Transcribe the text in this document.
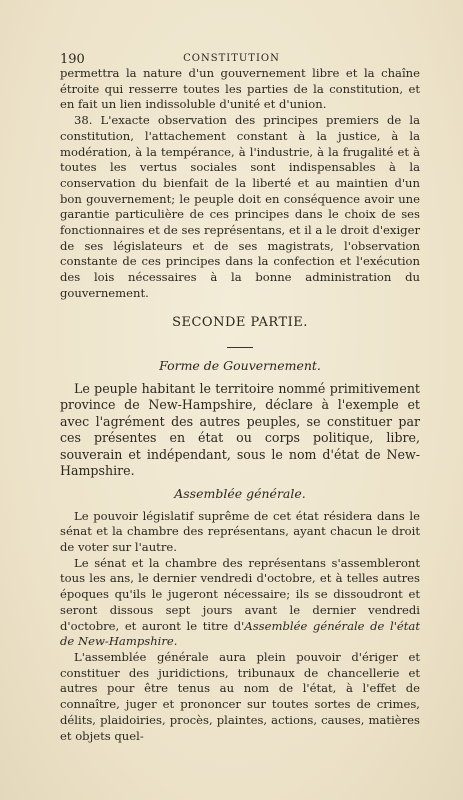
190	CONSTITUTION

permettra la nature d'un gouvernement libre et la chaîne étroite qui resserre toutes les parties de la constitution, et en fait un lien indissoluble d'unité et d'union.

38. L'exacte observation des principes premiers de la constitution, l'attachement constant à la justice, à la modération, à la tempérance, à l'industrie, à la frugalité et à toutes les vertus sociales sont indispensables à la conservation du bienfait de la liberté et au maintien d'un bon gouvernement; le peuple doit en conséquence avoir une garantie particulière de ces principes dans le choix de ses fonctionnaires et de ses représentans, et il a le droit d'exiger de ses législateurs et de ses magistrats, l'observation constante de ces principes dans la confection et l'exécution des lois nécessaires à la bonne administration du gouvernement.

SECONDE PARTIE.
Forme de Gouvernement.

Le peuple habitant le territoire nommé primitivement province de New-Hampshire, déclare à l'exemple et avec l'agrément des autres peuples, se constituer par ces présentes en état ou corps politique, libre, souverain et indépendant, sous le nom d'état de New-Hampshire.

Assemblée générale.

Le pouvoir législatif suprême de cet état résidera dans le sénat et la chambre des représentans, ayant chacun le droit de voter sur l'autre.

Le sénat et la chambre des représentans s'assembleront tous les ans, le dernier vendredi d'octobre, et à telles autres époques qu'ils le jugeront nécessaire; ils se dissoudront et seront dissous sept jours avant le dernier vendredi d'octobre, et auront le titre d'Assemblée générale de l'état de New-Hampshire.

L'assemblée générale aura plein pouvoir d'ériger et constituer des juridictions, tribunaux de chancellerie et autres pour être tenus au nom de l'état, à l'effet de connaître, juger et prononcer sur toutes sortes de crimes, délits, plaidoiries, procès, plaintes, actions, causes, matières et objets quel-
